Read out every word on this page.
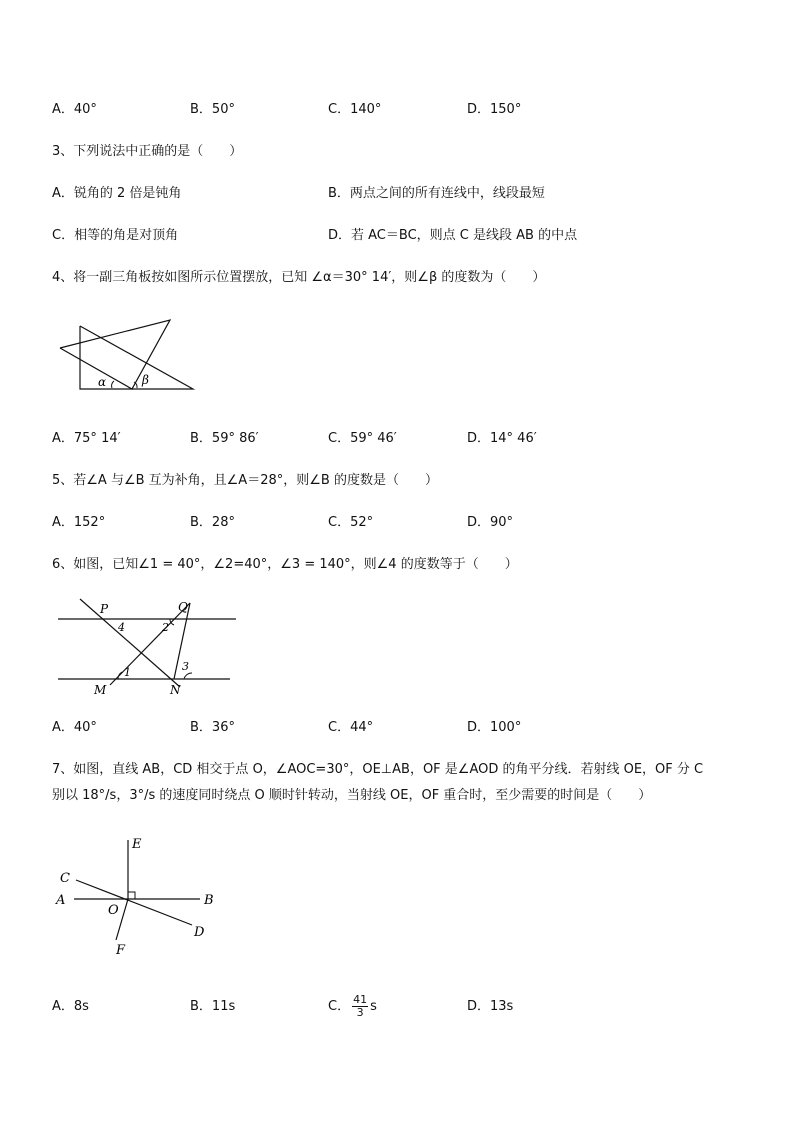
A．40°	B．50°	C．140°	D．150°
3、下列说法中正确的是（　　）
A．锐角的 2 倍是钝角	B．两点之间的所有连线中，线段最短
C．相等的角是对顶角	D．若 AC＝BC，则点 C 是线段 AB 的中点
4、将一副三角板按如图所示位置摆放，已知 ∠α＝30° 14′，则∠β 的度数为（　　）
α	β
A．75° 14′	B．59° 86′	C．59° 46′	D．14° 46′
5、若∠A 与∠B 互为补角，且∠A＝28°，则∠B 的度数是（　　）
A．152°	B．28°	C．52°	D．90°
6、如图，已知∠1 = 40°，∠2=40°，∠3 = 140°，则∠4 的度数等于（　　）
P	Q
M	N
1
2
3
4
A．40°	B．36°	C．44°	D．100°
7、如图，直线 AB，CD 相交于点 O，∠AOC=30°，OE⊥AB，OF 是∠AOD 的角平分线．若射线 OE，OF 分 C
别以 18°/s，3°/s 的速度同时绕点 O 顺时针转动，当射线 OE，OF 重合时，至少需要的时间是（　　）
E
C
A	B
O
D
F
A．8s	B．11s	C． $\frac{41}{3}$ s	D．13s
